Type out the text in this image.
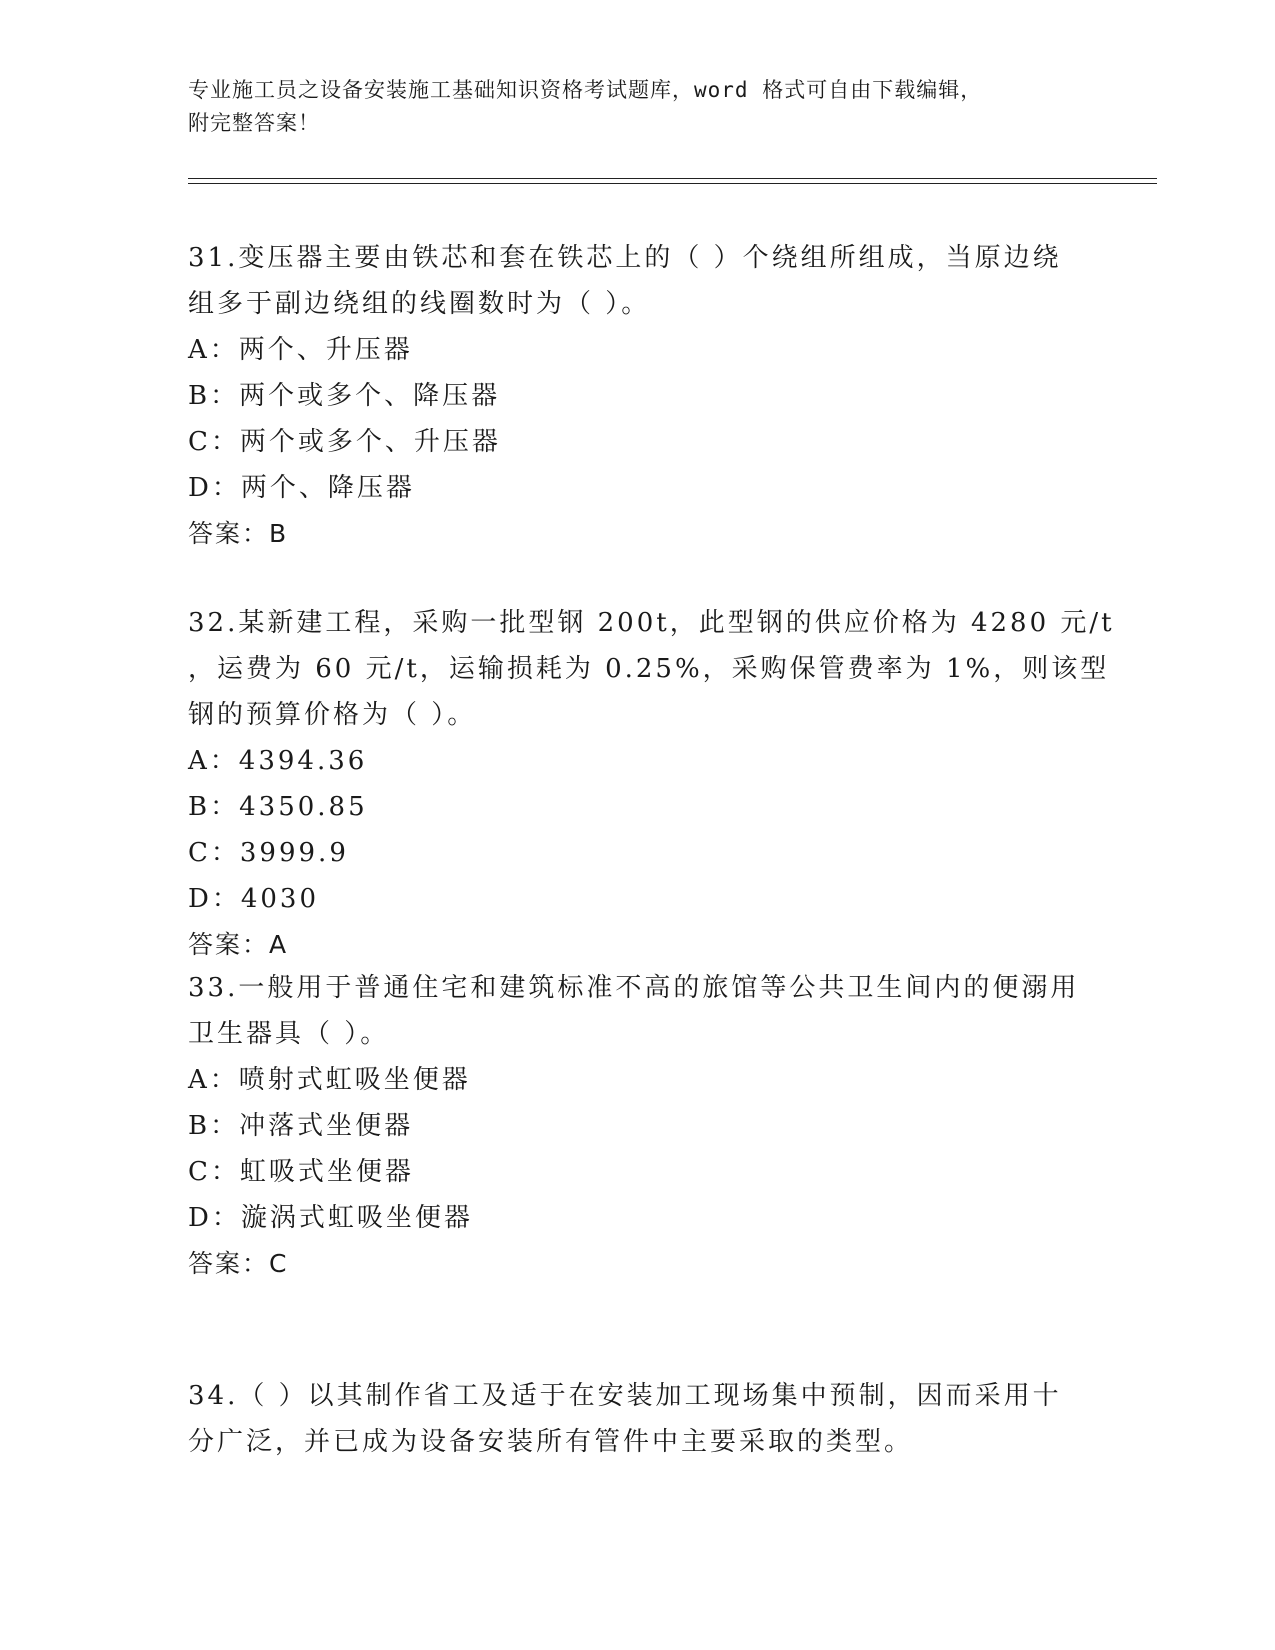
专业施工员之设备安装施工基础知识资格考试题库，word 格式可自由下载编辑，
附完整答案！

31.变压器主要由铁芯和套在铁芯上的（ ）个绕组所组成，当原边绕
组多于副边绕组的线圈数时为（ ）。

A：两个、升压器
B：两个或多个、降压器
C：两个或多个、升压器
D：两个、降压器
答案：B

32.某新建工程，采购一批型钢 200t，此型钢的供应价格为 4280 元/t
，运费为 60 元/t，运输损耗为 0.25%，采购保管费率为 1%，则该型
钢的预算价格为（ ）。

A：4394.36
B：4350.85
C：3999.9
D：4030
答案：A

33.一般用于普通住宅和建筑标准不高的旅馆等公共卫生间内的便溺用
卫生器具（ ）。

A：喷射式虹吸坐便器
B：冲落式坐便器
C：虹吸式坐便器
D：漩涡式虹吸坐便器
答案：C

34.（ ）以其制作省工及适于在安装加工现场集中预制，因而采用十
分广泛，并已成为设备安装所有管件中主要采取的类型。
